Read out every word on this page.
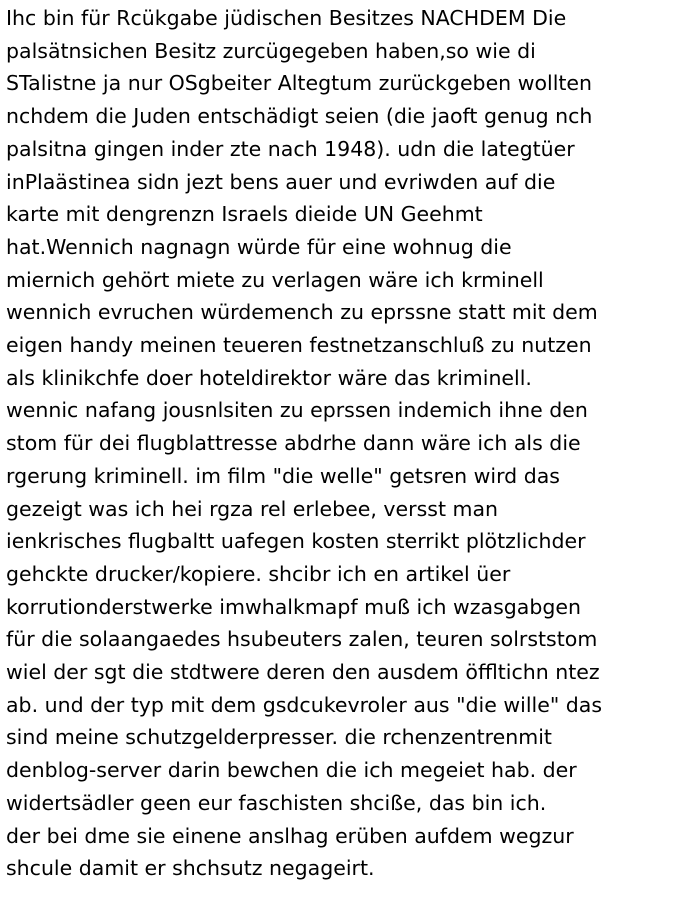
Ihc bin für Rcükgabe jüdischen Besitzes NACHDEM Die
palsätnsichen Besitz zurcügegeben haben,so wie di
STalistne ja nur OSgbeiter Altegtum zurückgeben wollten
nchdem die Juden entschädigt seien (die jaoft genug nch
palsitna gingen inder zte nach 1948). udn die lategtüer
inPlaästinea sidn jezt bens auer und evriwden auf die
karte mit dengrenzn Israels dieide UN Geehmt
hat.Wennich nagnagn würde für eine wohnug die
miernich gehört miete zu verlagen wäre ich krminell
wennich evruchen würdemench zu eprssne statt mit dem
eigen handy meinen teueren festnetzanschluß zu nutzen
als klinikchfe doer hoteldirektor wäre das kriminell.
wennic nafang jousnlsiten zu eprssen indemich ihne den
stom für dei flugblattresse abdrhe dann wäre ich als die
rgerung kriminell. im film "die welle" getsren wird das
gezeigt was ich hei rgza rel erlebee, versst man
ienkrisches flugbaltt uafegen kosten sterrikt plötzlichder
gehckte drucker/kopiere. shcibr ich en artikel üer
korrutionderstwerke imwhalkmapf muß ich wzasgabgen
für die solaangaedes hsubeuters zalen, teuren solrststom
wiel der sgt die stdtwere deren den ausdem öffltichn ntez
ab. und der typ mit dem gsdcukevroler aus "die wille" das
sind meine schutzgelderpresser. die rchenzentrenmit
denblog-server darin bewchen die ich megeiet hab. der
widertsädler geen eur faschisten shciße, das bin ich.
der bei dme sie einene anslhag erüben aufdem wegzur
shcule damit er shchsutz negageirt.
